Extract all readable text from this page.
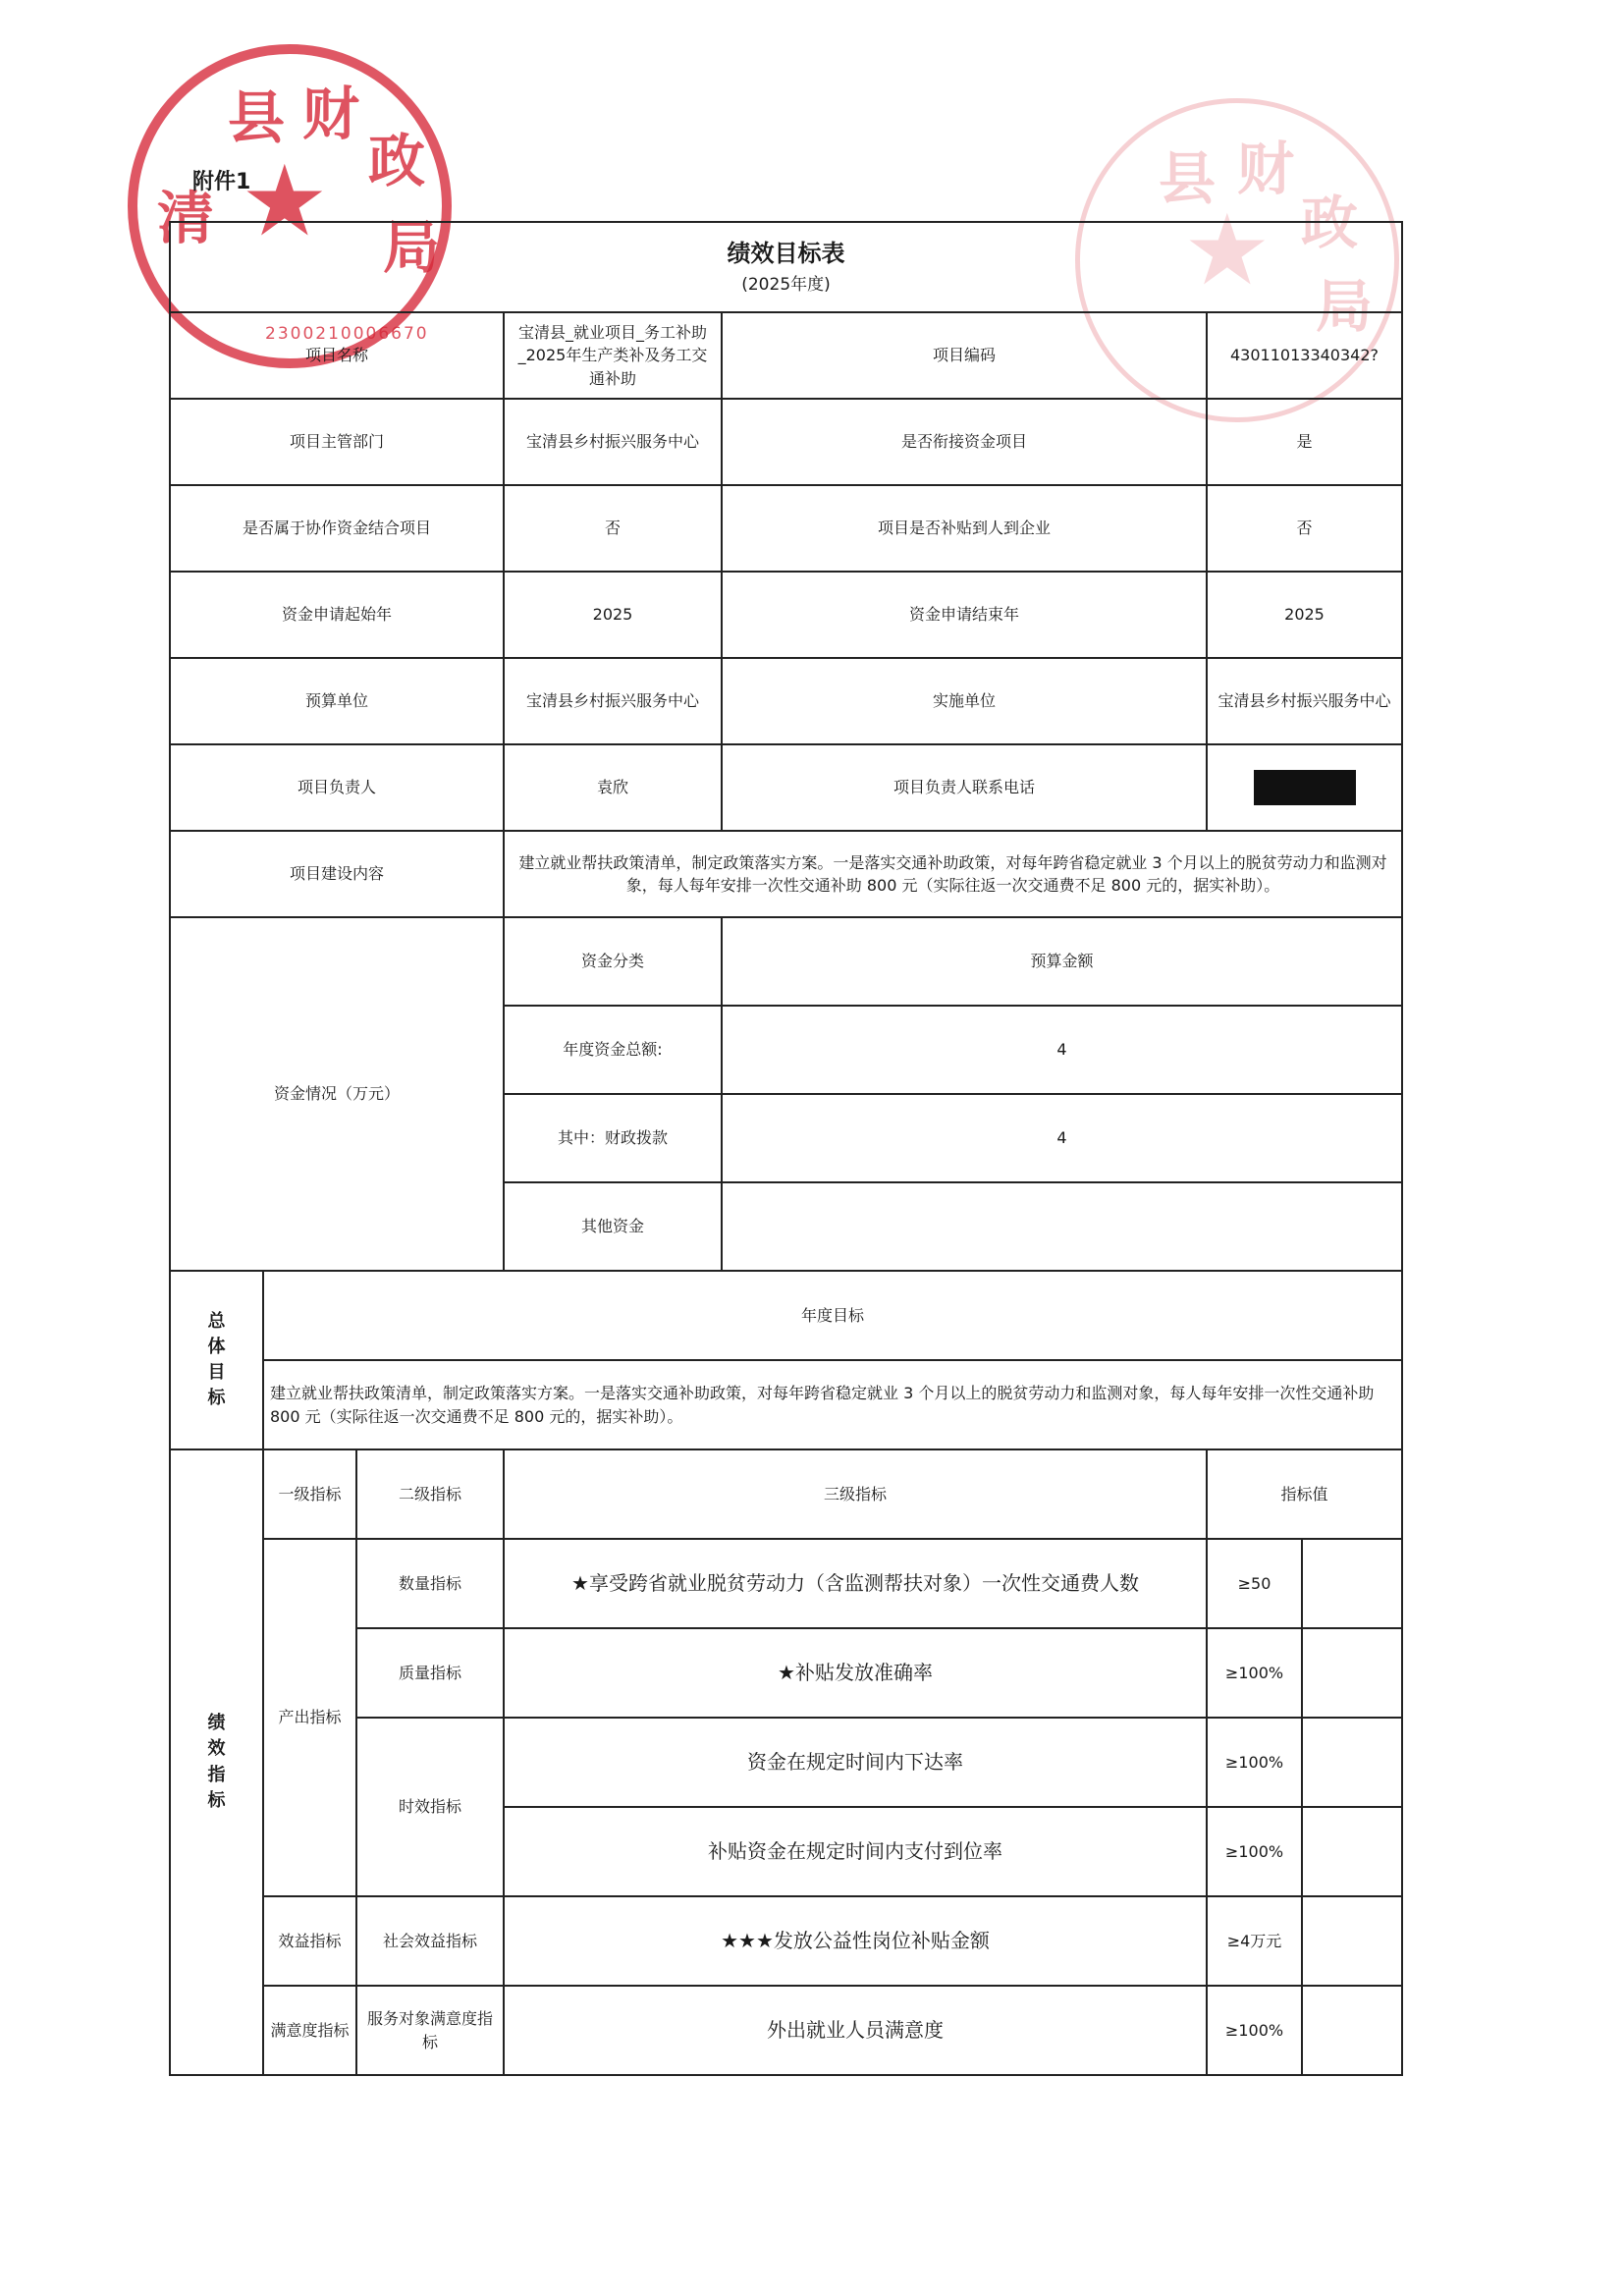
县 财
政
局
清 ★
2300210006670
县 财
政
局
★
附件1
绩效目标表
(2025年度)						

项目名称			宝清县_就业项目_务工补助_2025年生产类补及务工交通补助	项目编码	43011013340342?	
项目主管部门			宝清县乡村振兴服务中心	是否衔接资金项目	是	
是否属于协作资金结合项目			否	项目是否补贴到人到企业	否	
资金申请起始年			2025	资金申请结束年	2025	
预算单位			宝清县乡村振兴服务中心	实施单位	宝清县乡村振兴服务中心	
项目负责人			袁欣	项目负责人联系电话		
项目建设内容			建立就业帮扶政策清单，制定政策落实方案。一是落实交通补助政策，对每年跨省稳定就业 3 个月以上的脱贫劳动力和监测对象，每人每年安排一次性交通补助 800 元（实际往返一次交通费不足 800 元的，据实补助）。			
资金情况（万元）			资金分类	预算金额		
			年度资金总额:	4		
			其中：财政拨款	4		
			其他资金			
总体目标	年度目标					
	建立就业帮扶政策清单，制定政策落实方案。一是落实交通补助政策，对每年跨省稳定就业 3 个月以上的脱贫劳动力和监测对象，每人每年安排一次性交通补助 800 元（实际往返一次交通费不足 800 元的，据实补助）。					
绩效指标	一级指标	二级指标	三级指标		指标值	
	产出指标	数量指标	★享受跨省就业脱贫劳动力（含监测帮扶对象）一次性交通费人数		≥50	
		质量指标	★补贴发放准确率		≥100%	
		时效指标	资金在规定时间内下达率		≥100%	
			补贴资金在规定时间内支付到位率		≥100%	
	效益指标	社会效益指标	★★★发放公益性岗位补贴金额		≥4万元	
	满意度指标	服务对象满意度指标	外出就业人员满意度		≥100%	
